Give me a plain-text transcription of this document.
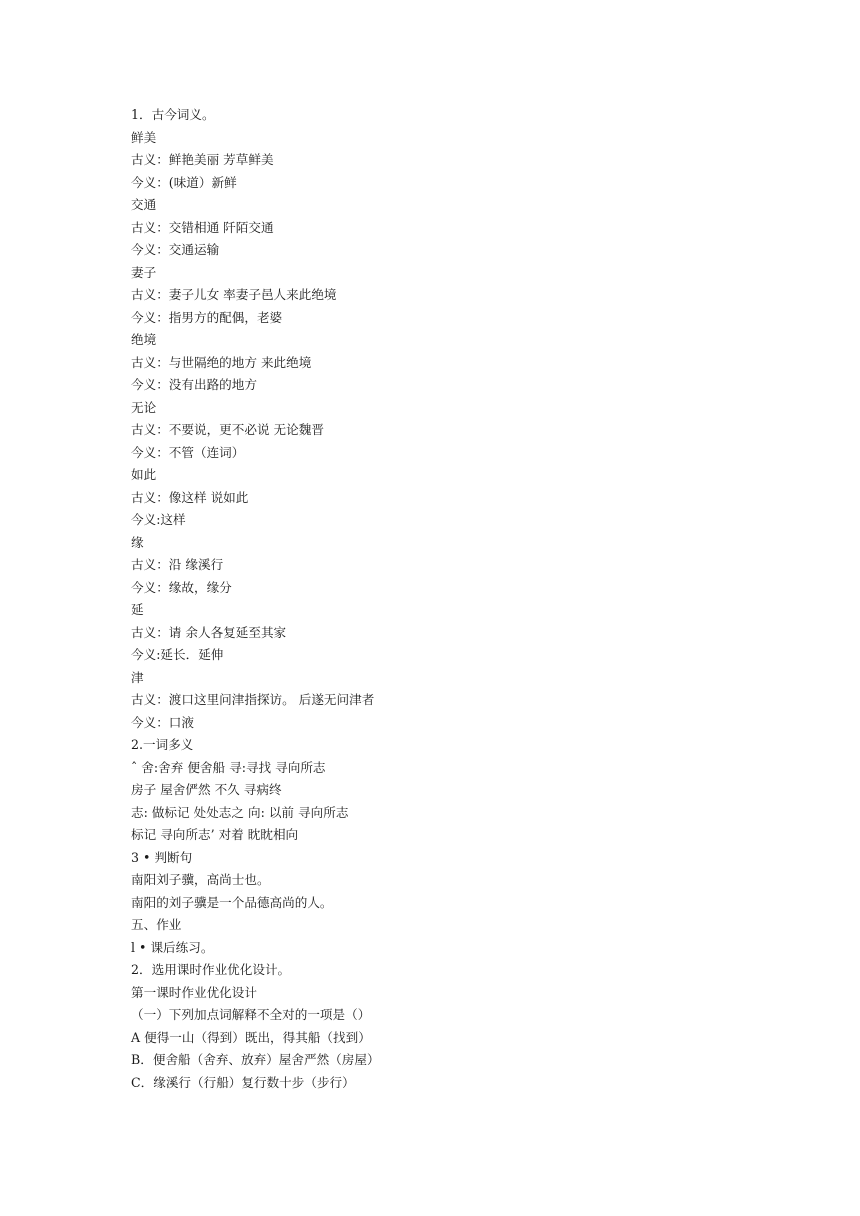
1．古今词义。
鲜美
古义：鲜艳美丽 芳草鲜美
今义：(味道）新鲜
交通
古义：交错相通 阡陌交通
今义：交通运输
妻子
古义：妻子儿女 率妻子邑人来此绝境
今义：指男方的配偶，老婆
绝境
古义：与世隔绝的地方 来此绝境
今义：没有出路的地方
无论
古义：不要说，更不必说 无论魏晋
今义：不管（连词）
如此
古义：像这样 说如此
今义:这样
缘
古义：沿 缘溪行
今义：缘故，缘分
延
古义：请 余人各复延至其家
今义:延长．延伸
津
古义：渡口这里问津指探访。 后遂无问津者
今义：口液
2.一词多义
ˆ 舍:舍弃 便舍船 寻:寻找 寻向所志
房子 屋舍俨然 不久 寻病终
志: 做标记 处处志之 向: 以前 寻向所志
标记 寻向所志’ 对着 眈眈相向
3 • 判断句
南阳刘子骥，高尚士也。
南阳的刘子骥是一个品德高尚的人。
五、作业
l • 课后练习。
2．选用课时作业优化设计。
第一课时作业优化设计
（一）下列加点词解释不全对的一项是（）
A 便得一山（得到）既出，得其船（找到）
B．便舍船（舍弃、放弃）屋舍严然（房屋）
C．缘溪行（行船）复行数十步（步行）
